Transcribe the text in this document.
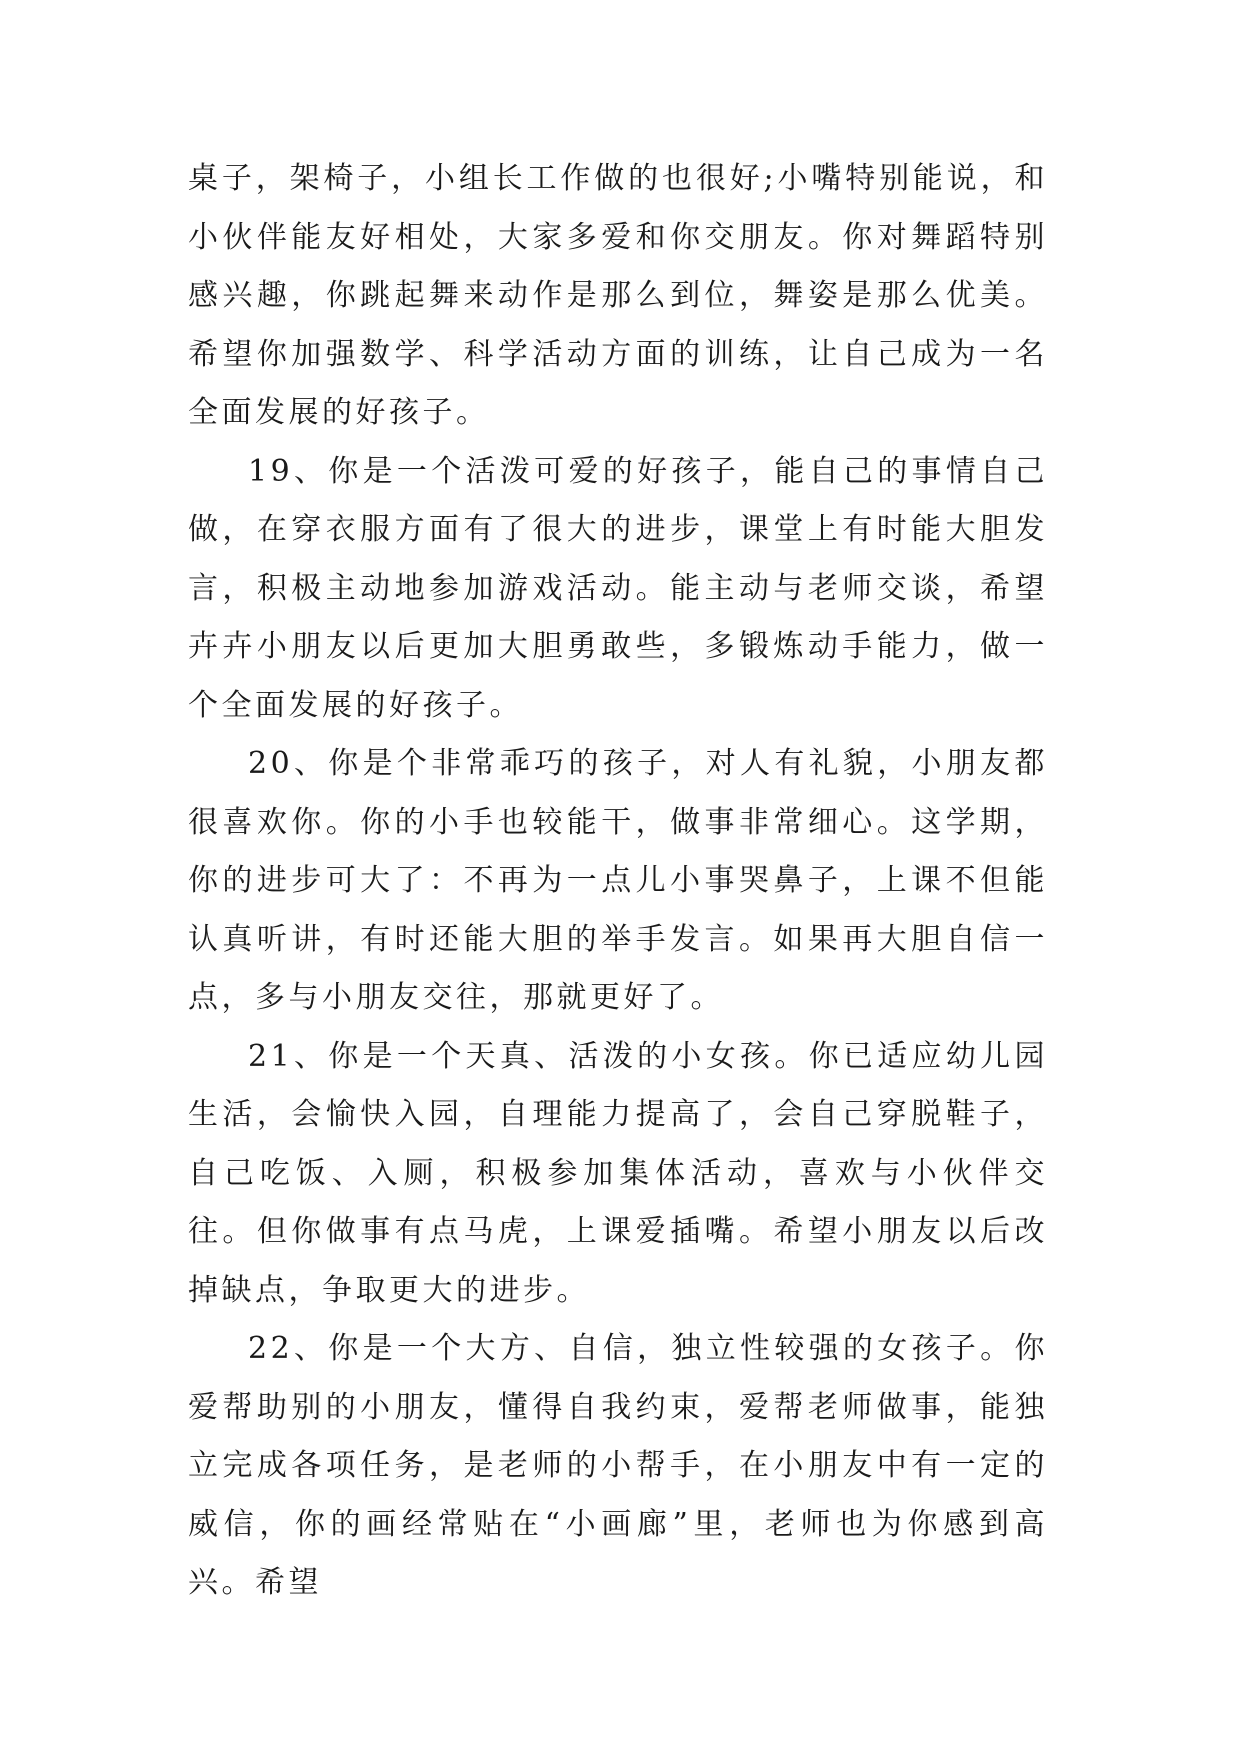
桌子，架椅子，小组长工作做的也很好;小嘴特别能说，和小伙伴能友好相处，大家多爱和你交朋友。你对舞蹈特别感兴趣，你跳起舞来动作是那么到位，舞姿是那么优美。希望你加强数学、科学活动方面的训练，让自己成为一名全面发展的好孩子。

19、你是一个活泼可爱的好孩子，能自己的事情自己做，在穿衣服方面有了很大的进步，课堂上有时能大胆发言，积极主动地参加游戏活动。能主动与老师交谈，希望卉卉小朋友以后更加大胆勇敢些，多锻炼动手能力，做一个全面发展的好孩子。

20、你是个非常乖巧的孩子，对人有礼貌，小朋友都很喜欢你。你的小手也较能干，做事非常细心。这学期，你的进步可大了：不再为一点儿小事哭鼻子，上课不但能认真听讲，有时还能大胆的举手发言。如果再大胆自信一点，多与小朋友交往，那就更好了。

21、你是一个天真、活泼的小女孩。你已适应幼儿园生活，会愉快入园，自理能力提高了，会自己穿脱鞋子，自己吃饭、入厕，积极参加集体活动，喜欢与小伙伴交往。但你做事有点马虎，上课爱插嘴。希望小朋友以后改掉缺点，争取更大的进步。

22、你是一个大方、自信，独立性较强的女孩子。你爱帮助别的小朋友，懂得自我约束，爱帮老师做事，能独立完成各项任务，是老师的小帮手，在小朋友中有一定的威信，你的画经常贴在“小画廊”里，老师也为你感到高兴。希望
